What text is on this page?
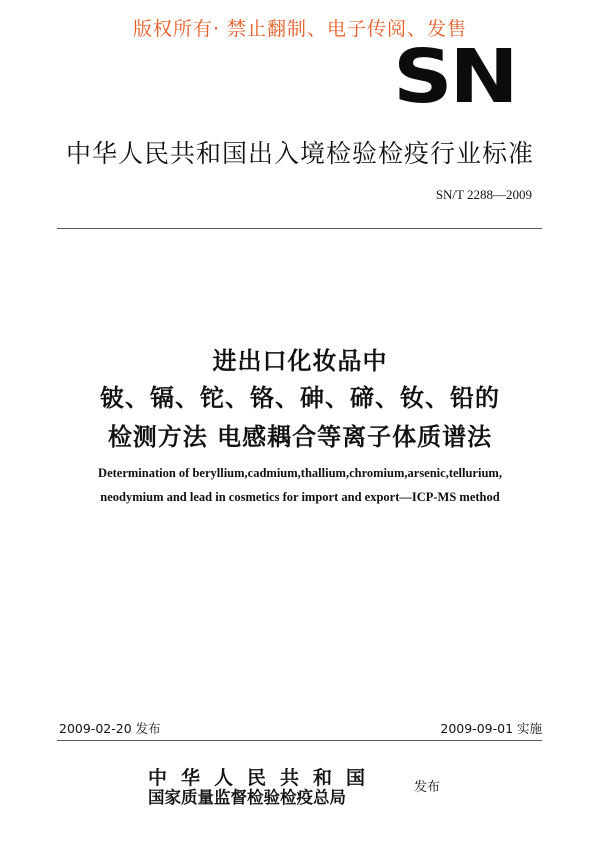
版权所有· 禁止翻制、电子传阅、发售
SN
中华人民共和国出入境检验检疫行业标准
SN/T 2288—2009
进出口化妆品中
铍、镉、铊、铬、砷、碲、钕、铅的
检测方法 电感耦合等离子体质谱法
Determination of beryllium,cadmium,thallium,chromium,arsenic,tellurium,
neodymium and lead in cosmetics for import and export—ICP-MS method
2009-02-20 发布	2009-09-01 实施
中华人民共和国
国家质量监督检验检疫总局
发布
